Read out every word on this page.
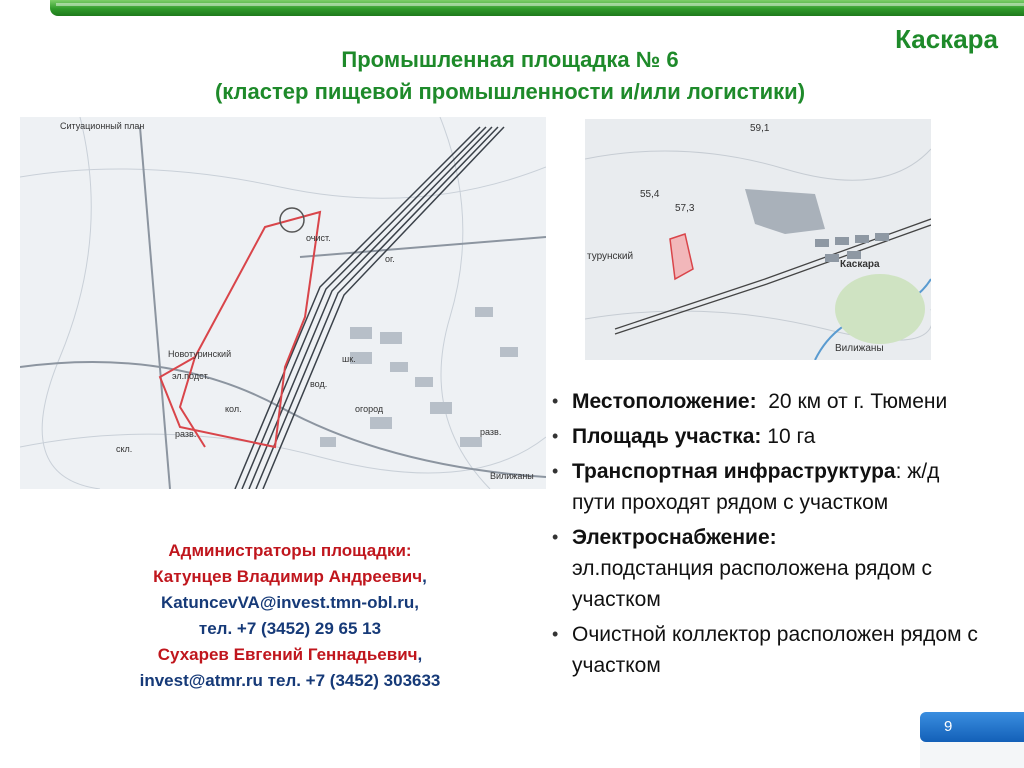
Каскара
Промышленная площадка № 6
(кластер пищевой промышленности и/или логистики)
Ситуационный план
Новотуринский
эл.подст.
Вилижаны
огород
очист.
кол.
разв.
скл.
шк.
вод.
ог.
разв.
Каскара
турунский
Вилижаны
55,4
57,3
59,1
Администраторы площадки:
Катунцев Владимир Андреевич,
KatuncevVA@invest.tmn-obl.ru,
тел. +7 (3452) 29 65 13
Сухарев Евгений Геннадьевич,
invest@atmr.ru тел. +7 (3452) 303633
• Местоположение: 20 км от г. Тюмени
• Площадь участка: 10 га
• Транспортная инфраструктура: ж/д пути проходят рядом с участком
• Электроснабжение:
эл.подстанция расположена рядом с участком
• Очистной коллектор расположен рядом с участком
9
